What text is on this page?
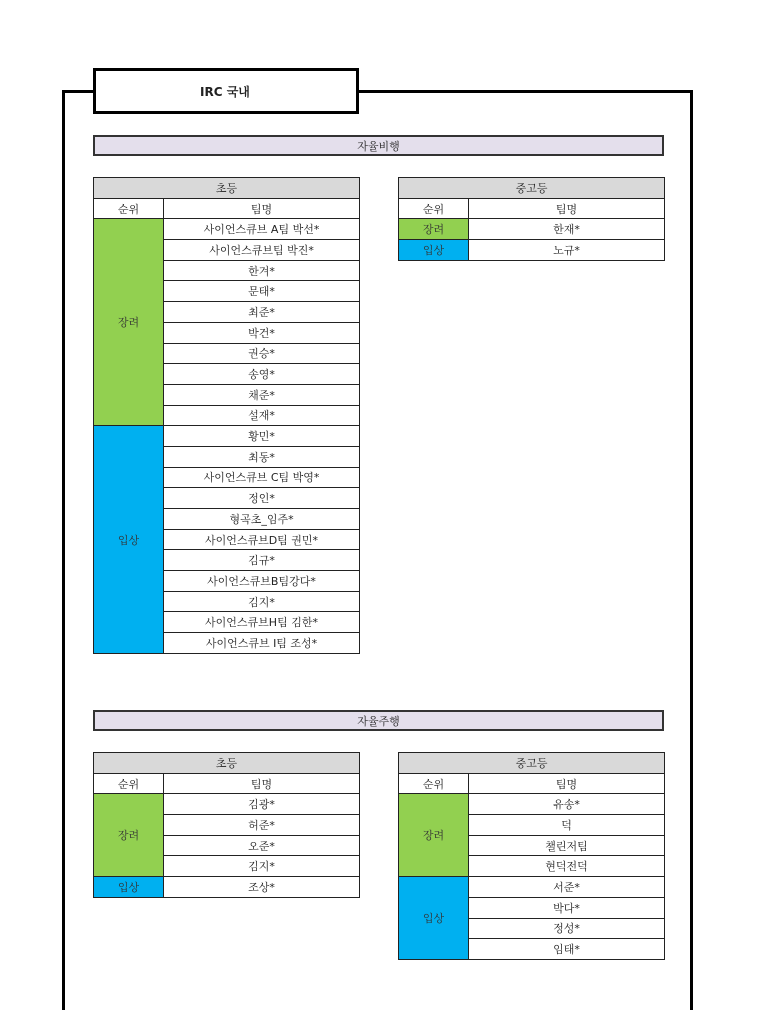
IRC 국내
자율비행
자율주행
초등	
순위	팀명
장려	사이언스큐브 A팀 박선*
	사이언스큐브팀 박진*
	한겨*
	문태*
	최준*
	박건*
	권승*
	송영*
	채준*
	설재*
입상	황민*
	최동*
	사이언스큐브 C팀 박영*
	정인*
	형곡초_임주*
	사이언스큐브D팀 권민*
	김규*
	사이언스큐브B팀강다*
	김지*
	사이언스큐브H팀 김한*
	사이언스큐브 I팀 조성*
중고등	
순위	팀명
장려	한재*
입상	노규*
초등	
순위	팀명
장려	김광*
	허준*
	오준*
	김지*
입상	조상*
중고등	
순위	팀명
장려	유송*
	덕
	챌린저팀
	현덕전덕
입상	서준*
	박다*
	정성*
	임태*
